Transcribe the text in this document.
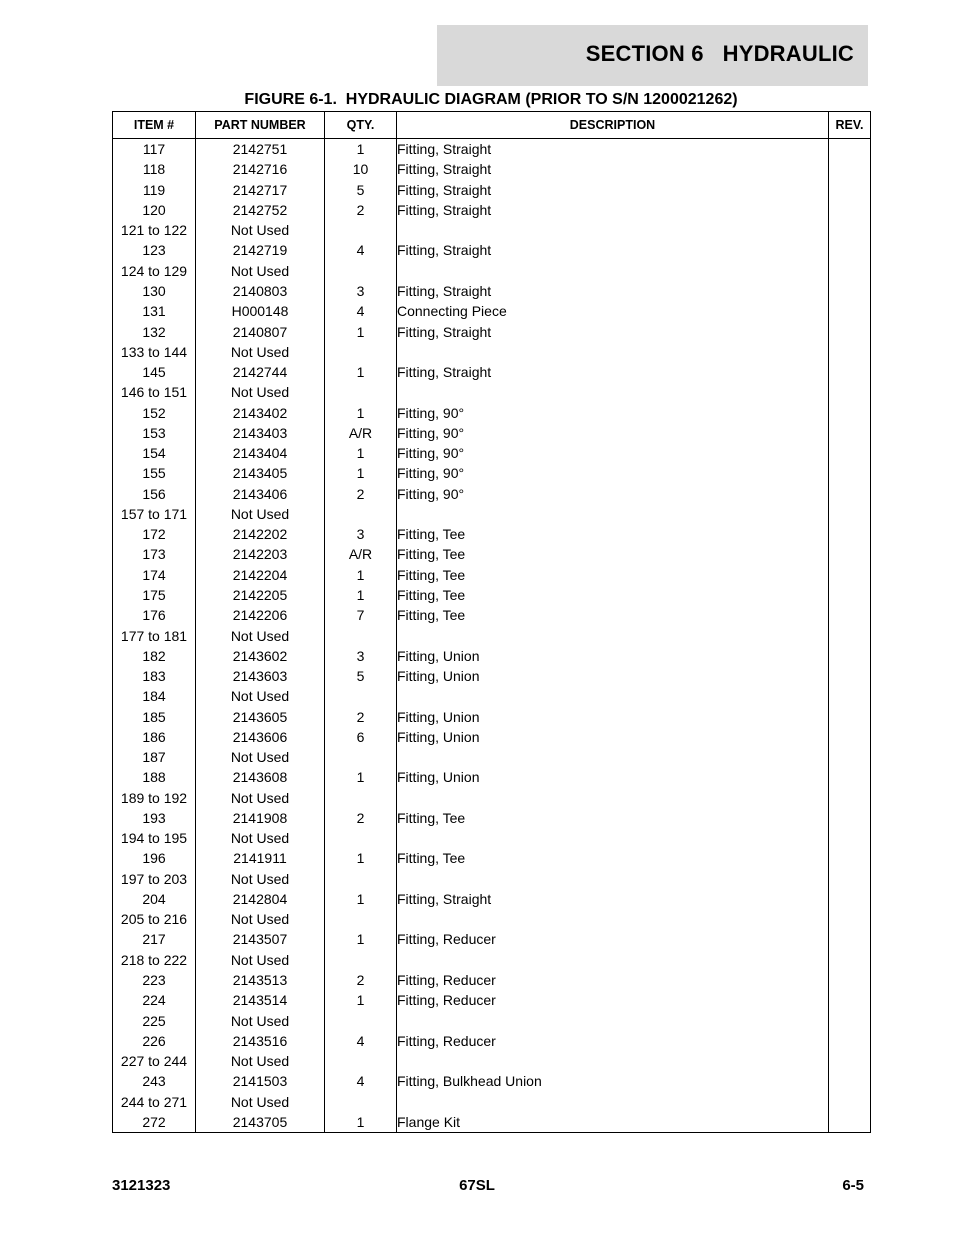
SECTION 6   HYDRAULIC
FIGURE 6-1.  HYDRAULIC DIAGRAM (PRIOR TO S/N 1200021262)
ITEM #	PART NUMBER	QTY.	DESCRIPTION	REV.
117	2142751	1	Fitting, Straight	
118	2142716	10	Fitting, Straight	
119	2142717	5	Fitting, Straight	
120	2142752	2	Fitting, Straight	
121 to 122	Not Used			
123	2142719	4	Fitting, Straight	
124 to 129	Not Used			
130	2140803	3	Fitting, Straight	
131	H000148	4	Connecting Piece	
132	2140807	1	Fitting, Straight	
133 to 144	Not Used			
145	2142744	1	Fitting, Straight	
146 to 151	Not Used			
152	2143402	1	Fitting, 90°	
153	2143403	A/R	Fitting, 90°	
154	2143404	1	Fitting, 90°	
155	2143405	1	Fitting, 90°	
156	2143406	2	Fitting, 90°	
157 to 171	Not Used			
172	2142202	3	Fitting, Tee	
173	2142203	A/R	Fitting, Tee	
174	2142204	1	Fitting, Tee	
175	2142205	1	Fitting, Tee	
176	2142206	7	Fitting, Tee	
177 to 181	Not Used			
182	2143602	3	Fitting, Union	
183	2143603	5	Fitting, Union	
184	Not Used			
185	2143605	2	Fitting, Union	
186	2143606	6	Fitting, Union	
187	Not Used			
188	2143608	1	Fitting, Union	
189 to 192	Not Used			
193	2141908	2	Fitting, Tee	
194 to 195	Not Used			
196	2141911	1	Fitting, Tee	
197 to 203	Not Used			
204	2142804	1	Fitting, Straight	
205 to 216	Not Used			
217	2143507	1	Fitting, Reducer	
218 to 222	Not Used			
223	2143513	2	Fitting, Reducer	
224	2143514	1	Fitting, Reducer	
225	Not Used			
226	2143516	4	Fitting, Reducer	
227 to 244	Not Used			
243	2141503	4	Fitting, Bulkhead Union	
244 to 271	Not Used			
272	2143705	1	Flange Kit	
3121323	67SL	6-5
